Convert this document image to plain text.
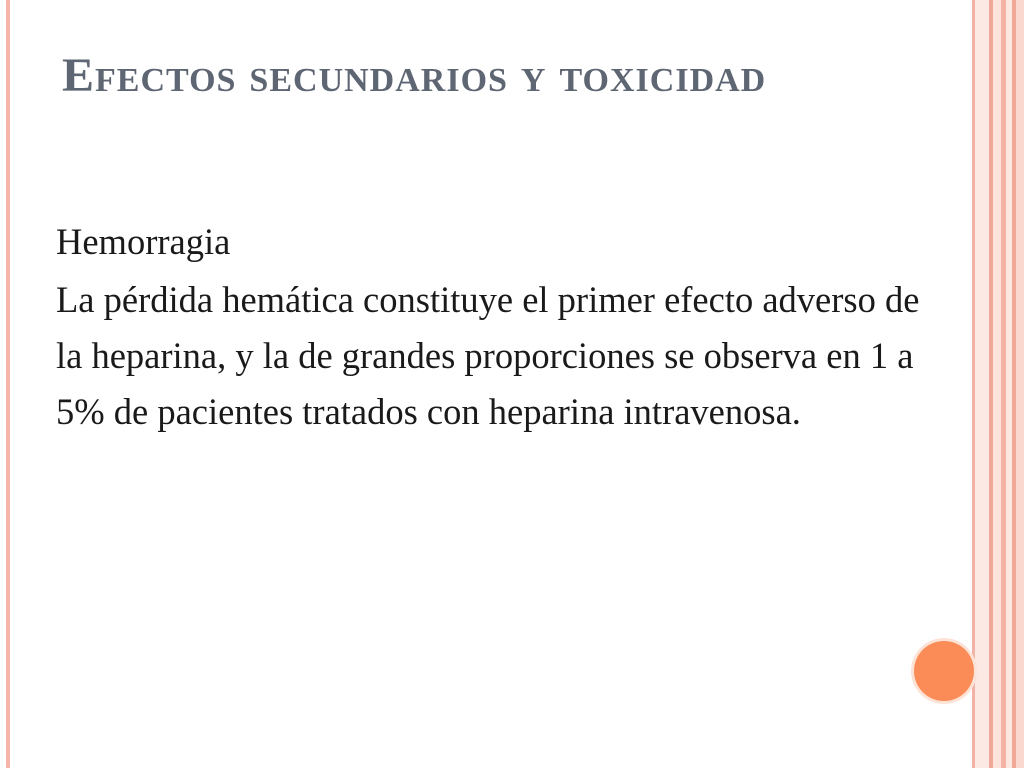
Efectos secundarios y toxicidad

Hemorragia

La pérdida hemática constituye el primer efecto adverso de la heparina, y la de grandes proporciones se observa en 1 a 5% de pacientes tratados con heparina intravenosa.
